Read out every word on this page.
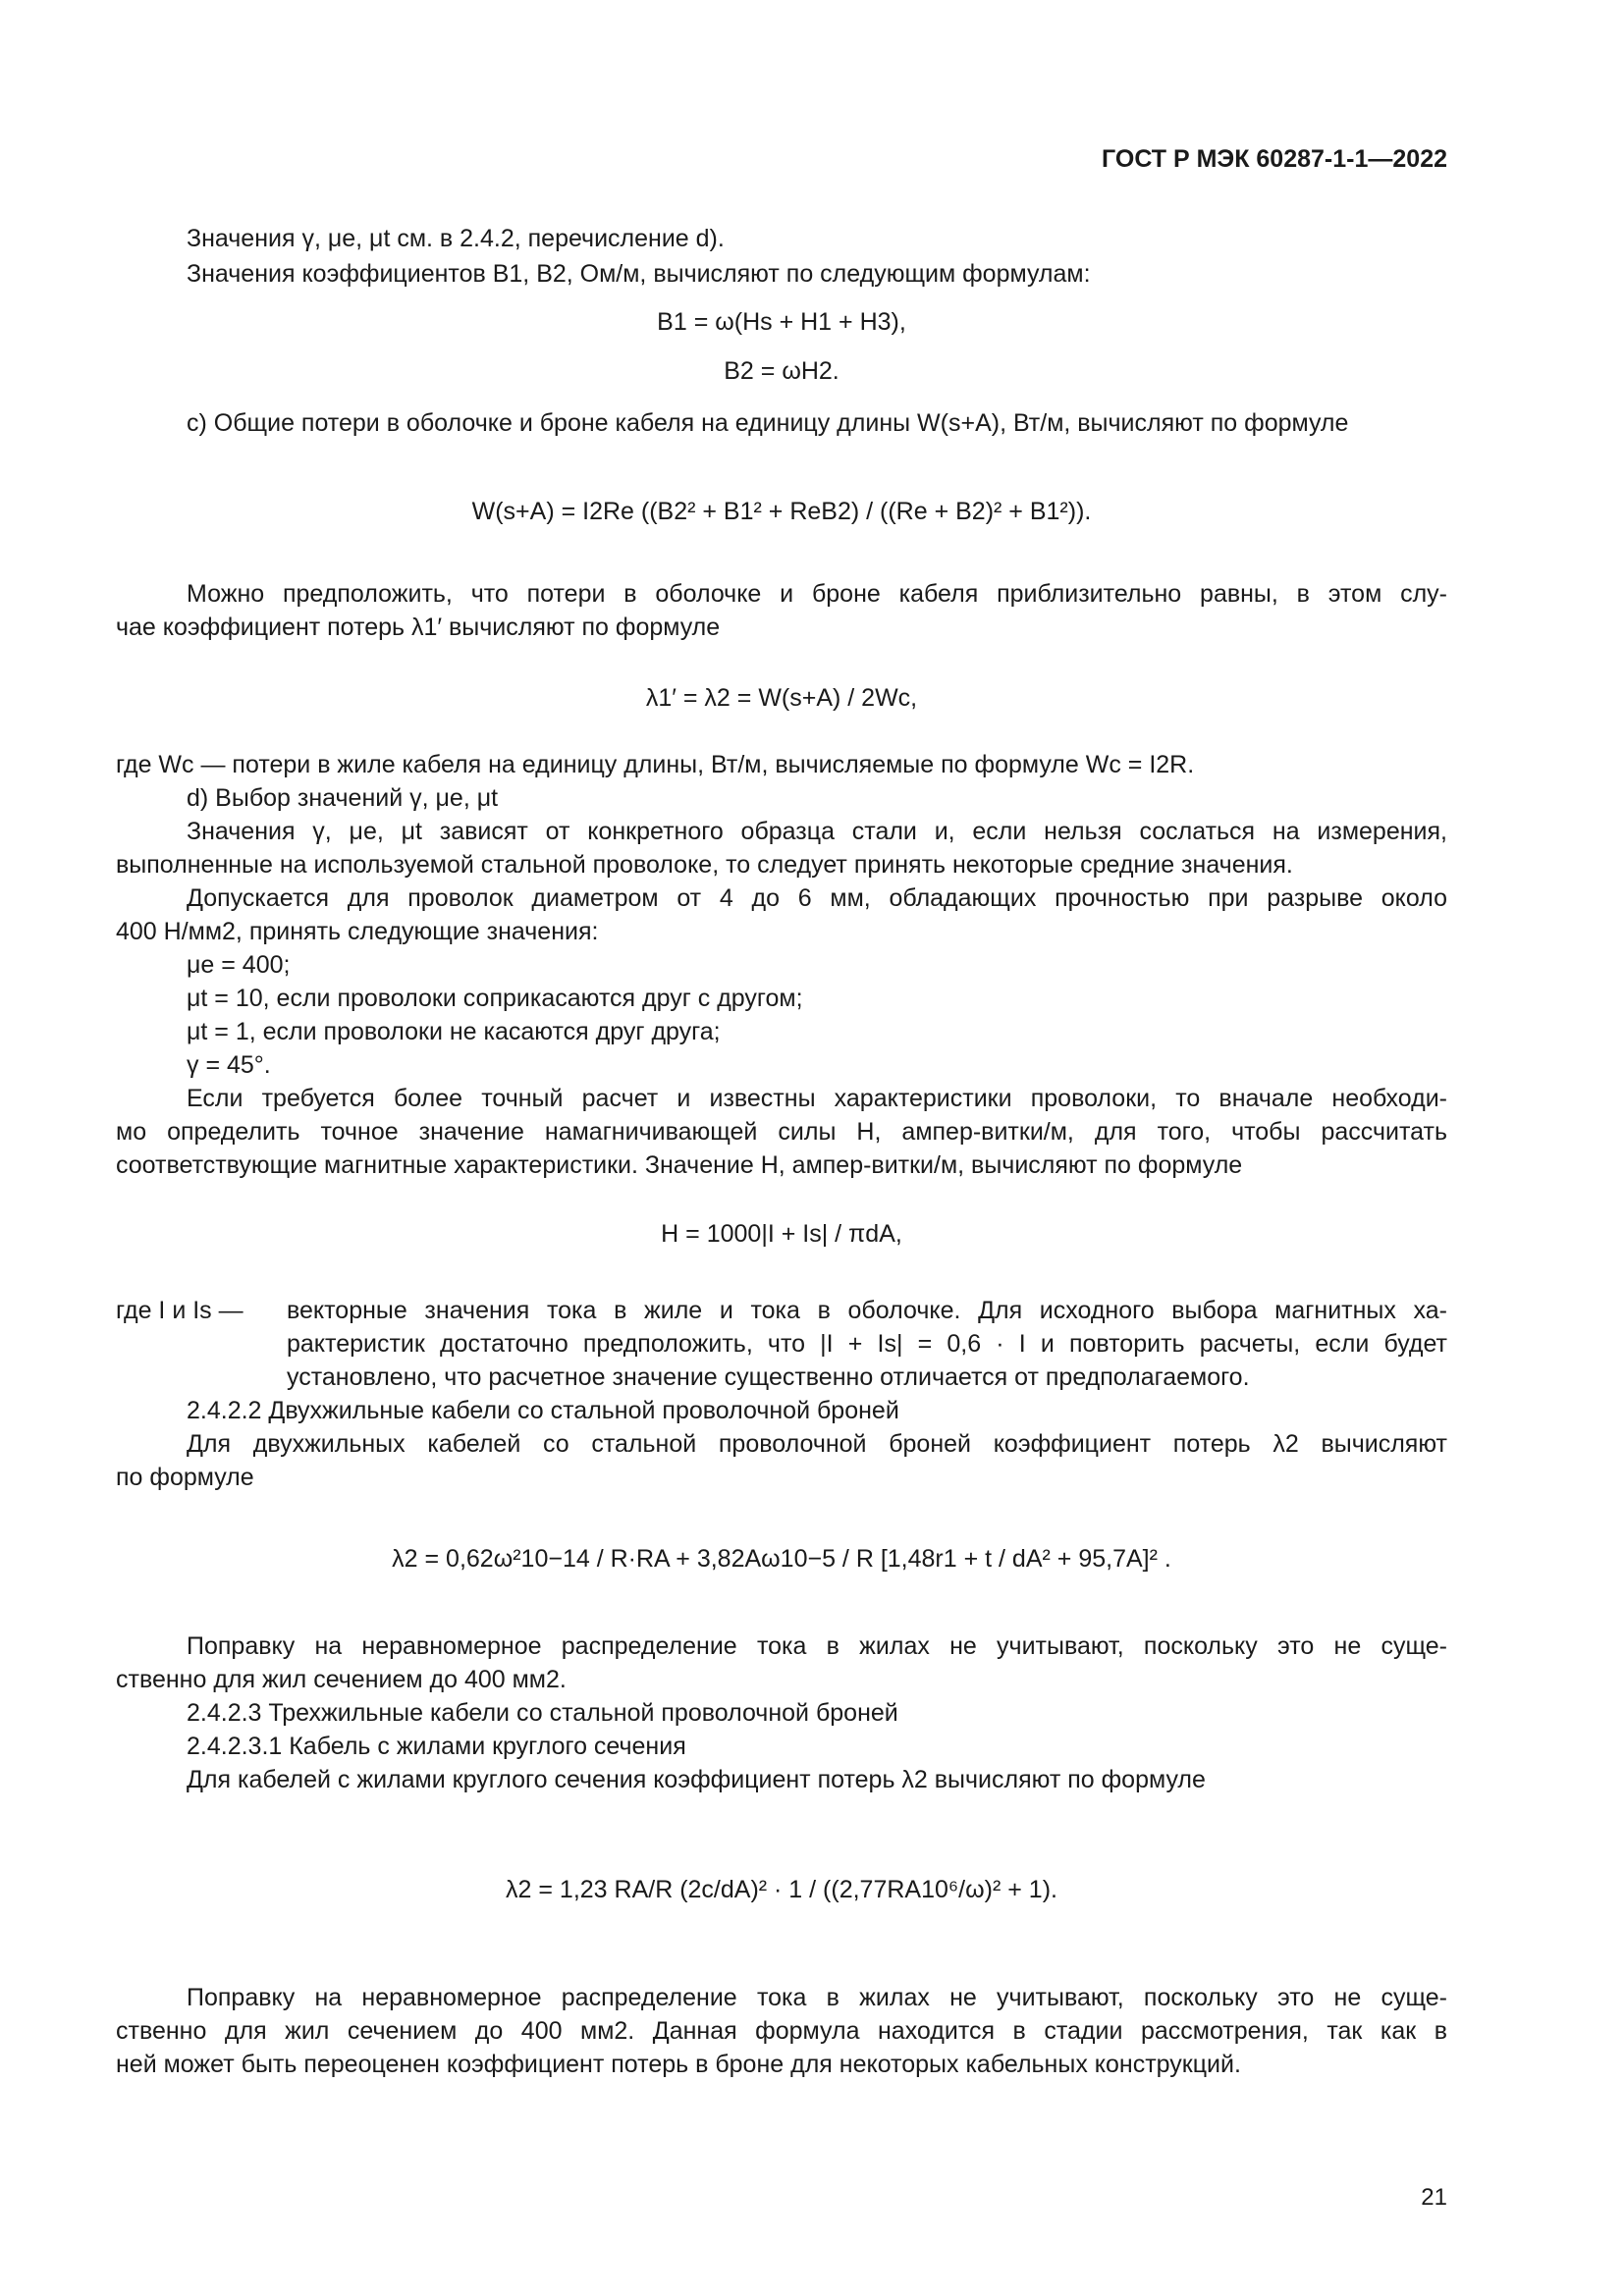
ГОСТ Р МЭК 60287-1-1—2022
Значения γ, μe, μt см. в 2.4.2, перечисление d).
Значения коэффициентов B1, B2, Ом/м, вычисляют по следующим формулам:
B1 = ω(Hs + H1 + H3),
B2 = ωH2.
с) Общие потери в оболочке и броне кабеля на единицу длины W(s+A), Вт/м, вычисляют по формуле
W(s+A) = I2Re ((B2² + B1² + ReB2) / ((Re + B2)² + B1²)).
Можно предположить, что потери в оболочке и броне кабеля приблизительно равны, в этом слу-
чае коэффициент потерь λ1′ вычисляют по формуле
λ1′ = λ2 = W(s+A) / 2Wc,
где Wc — потери в жиле кабеля на единицу длины, Вт/м, вычисляемые по формуле Wc = I2R.
d) Выбор значений γ, μe, μt
Значения γ, μe, μt зависят от конкретного образца стали и, если нельзя сослаться на измерения,
выполненные на используемой стальной проволоке, то следует принять некоторые средние значения.
Допускается для проволок диаметром от 4 до 6 мм, обладающих прочностью при разрыве около
400 Н/мм2, принять следующие значения:
μe = 400;
μt = 10, если проволоки соприкасаются друг с другом;
μt = 1, если проволоки не касаются друг друга;
γ = 45°.
Если требуется более точный расчет и известны характеристики проволоки, то вначале необходи-
мо определить точное значение намагничивающей силы H, ампер-витки/м, для того, чтобы рассчитать
соответствующие магнитные характеристики. Значение H, ампер-витки/м, вычисляют по формуле
H = 1000|I + Is| / πdA,
где I и Is — векторные значения тока в жиле и тока в оболочке. Для исходного выбора магнитных ха-
рактеристик достаточно предположить, что |I + Is| = 0,6 · I и повторить расчеты, если будет
установлено, что расчетное значение существенно отличается от предполагаемого.
2.4.2.2 Двухжильные кабели со стальной проволочной броней
Для двухжильных кабелей со стальной проволочной броней коэффициент потерь λ2 вычисляют
по формуле
λ2 = 0,62ω²10−14 / R·RA + 3,82Aω10−5 / R [1,48r1 + t / dA² + 95,7A]² .
Поправку на неравномерное распределение тока в жилах не учитывают, поскольку это не суще-
ственно для жил сечением до 400 мм2.
2.4.2.3 Трехжильные кабели со стальной проволочной броней
2.4.2.3.1 Кабель с жилами круглого сечения
Для кабелей с жилами круглого сечения коэффициент потерь λ2 вычисляют по формуле
λ2 = 1,23 RA/R (2c/dA)² · 1 / ((2,77RA10⁶/ω)² + 1).
Поправку на неравномерное распределение тока в жилах не учитывают, поскольку это не суще-
ственно для жил сечением до 400 мм2. Данная формула находится в стадии рассмотрения, так как в
ней может быть переоценен коэффициент потерь в броне для некоторых кабельных конструкций.
21
